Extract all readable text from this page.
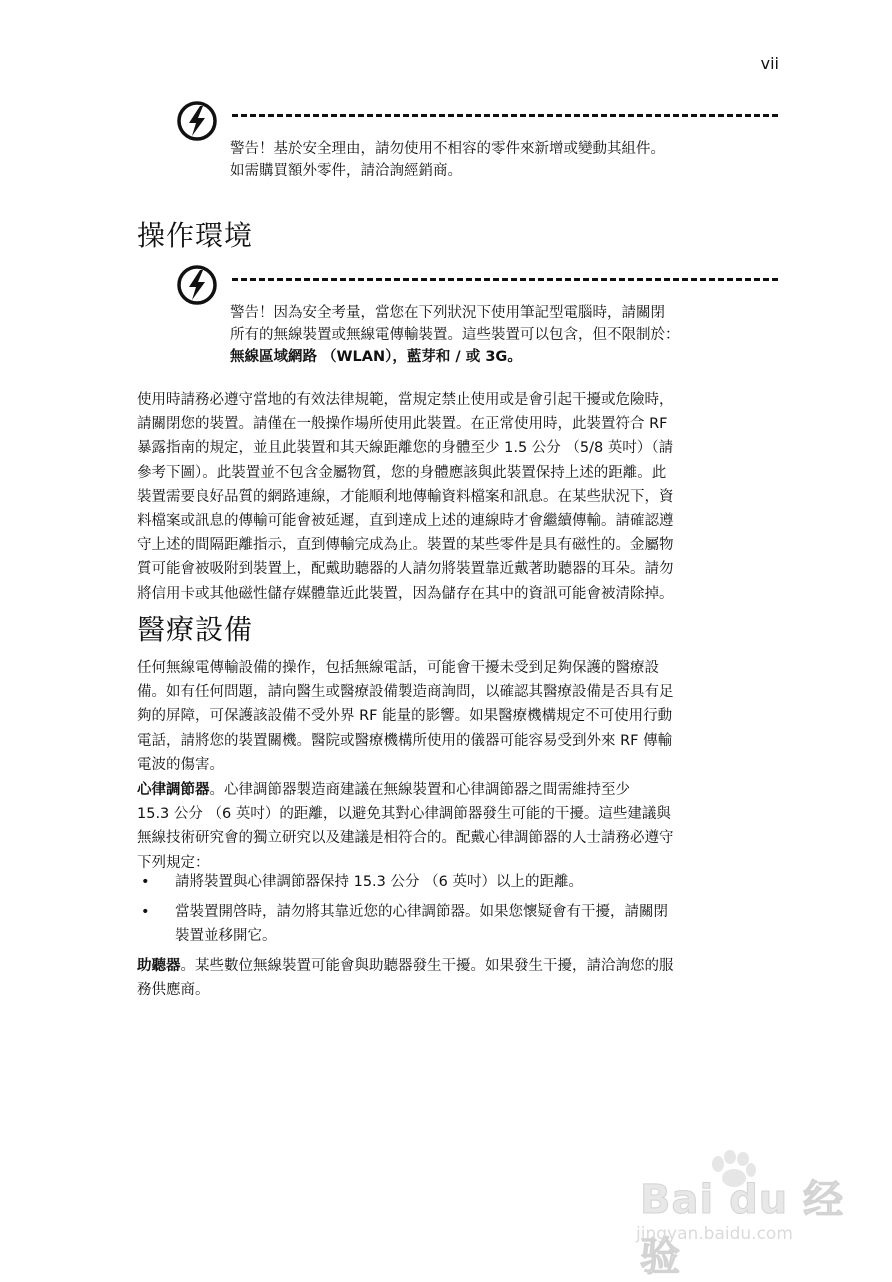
vii

警告！基於安全理由，請勿使用不相容的零件來新增或變動其組件。

如需購買額外零件，請洽詢經銷商。

操作環境

警告！因為安全考量，當您在下列狀況下使用筆記型電腦時，請關閉

所有的無線裝置或無線電傳輸裝置。這些裝置可以包含，但不限制於：

無線區域網路 （WLAN），藍芽和 / 或 3G。

使用時請務必遵守當地的有效法律規範，當規定禁止使用或是會引起干擾或危險時，
請關閉您的裝置。請僅在一般操作場所使用此裝置。在正常使用時，此裝置符合 RF
暴露指南的規定，並且此裝置和其天線距離您的身體至少 1.5 公分 （5/8 英吋）（請
參考下圖）。此裝置並不包含金屬物質，您的身體應該與此裝置保持上述的距離。此
裝置需要良好品質的網路連線，才能順利地傳輸資料檔案和訊息。在某些狀況下，資
料檔案或訊息的傳輸可能會被延遲，直到達成上述的連線時才會繼續傳輸。請確認遵
守上述的間隔距離指示，直到傳輸完成為止。裝置的某些零件是具有磁性的。金屬物
質可能會被吸附到裝置上，配戴助聽器的人請勿將裝置靠近戴著助聽器的耳朵。請勿
將信用卡或其他磁性儲存媒體靠近此裝置，因為儲存在其中的資訊可能會被清除掉。

醫療設備

任何無線電傳輸設備的操作，包括無線電話，可能會干擾未受到足夠保護的醫療設
備。如有任何問題，請向醫生或醫療設備製造商詢問，以確認其醫療設備是否具有足
夠的屏障，可保護該設備不受外界 RF 能量的影響。如果醫療機構規定不可使用行動
電話，請將您的裝置關機。醫院或醫療機構所使用的儀器可能容易受到外來 RF 傳輸
電波的傷害。

心律調節器。心律調節器製造商建議在無線裝置和心律調節器之間需維持至少
15.3 公分 （6 英吋）的距離，以避免其對心律調節器發生可能的干擾。這些建議與
無線技術研究會的獨立研究以及建議是相符合的。配戴心律調節器的人士請務必遵守
下列規定：

• 請將裝置與心律調節器保持 15.3 公分 （6 英吋）以上的距離。
• 當裝置開啓時，請勿將其靠近您的心律調節器。如果您懷疑會有干擾，請關閉
裝置並移開它。

助聽器。某些數位無線裝置可能會與助聽器發生干擾。如果發生干擾，請洽詢您的服
務供應商。

Bai du 经验
jingyan.baidu.com
